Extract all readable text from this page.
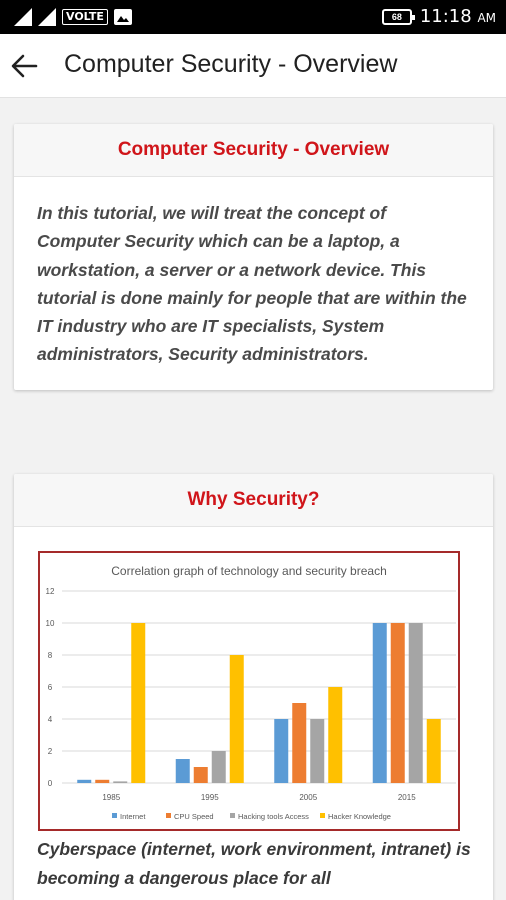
VOLTE	68	11:18 AM
Computer Security - Overview
Computer Security - Overview
In this tutorial, we will treat the concept of Computer Security which can be a laptop, a workstation, a server or a network device. This tutorial is done mainly for people that are within the IT industry who are IT specialists, System administrators, Security administrators.
Why Security?
Correlation graph of technology and security breach
0
2
4
6
8
10
12
1985	1995	2005	2015
Internet	CPU Speed	Hacking tools Access	Hacker Knowledge
Cyberspace (internet, work environment, intranet) is becoming a dangerous place for all
